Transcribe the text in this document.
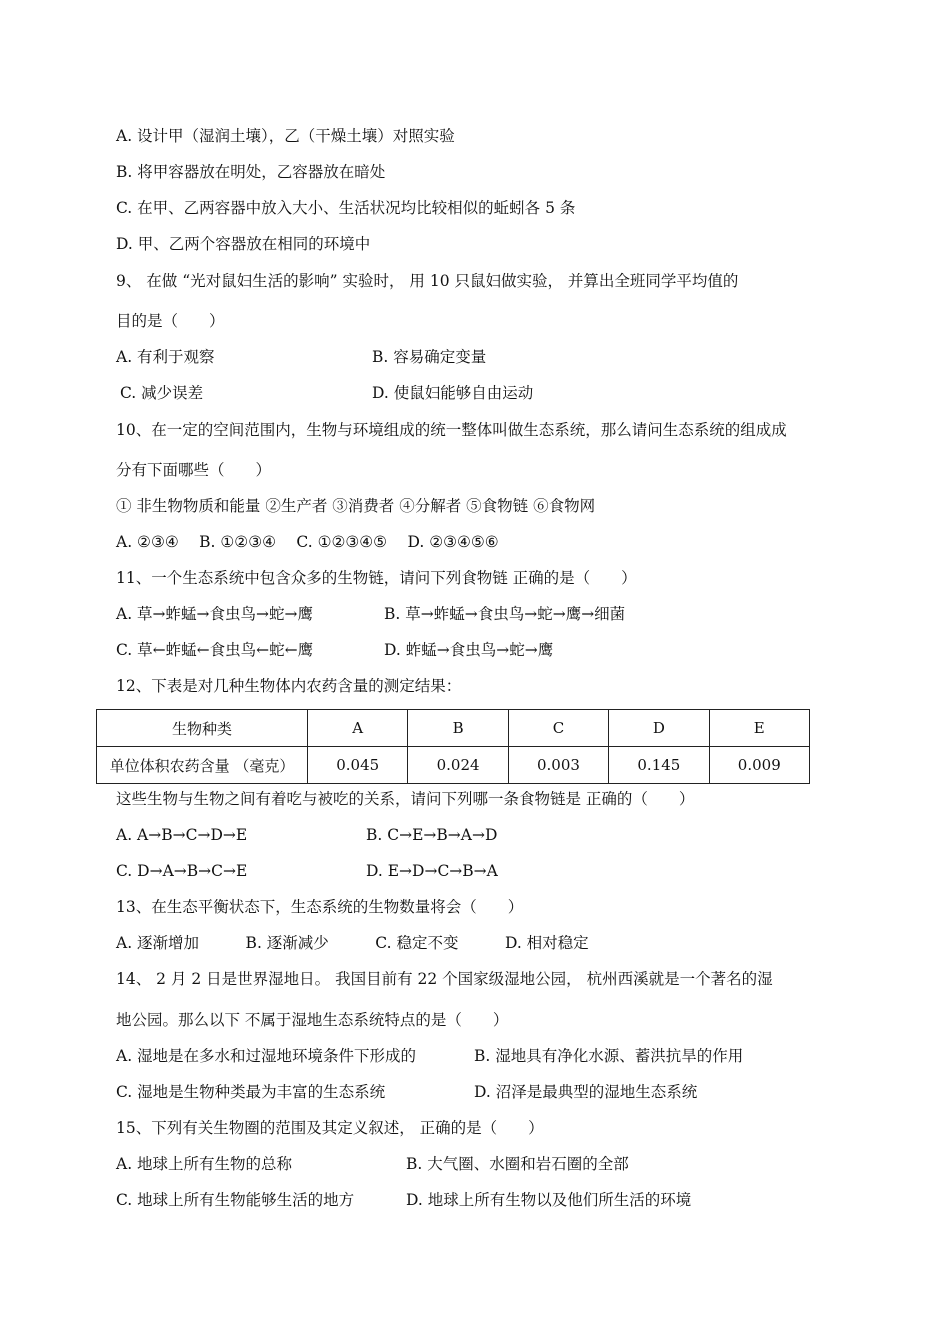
A. 设计甲（湿润土壤），乙（干燥土壤）对照实验
B. 将甲容器放在明处，乙容器放在暗处
C. 在甲、乙两容器中放入大小、生活状况均比较相似的蚯蚓各 5 条
D. 甲、乙两个容器放在相同的环境中
9、 在做 “光对鼠妇生活的影响” 实验时， 用 10 只鼠妇做实验， 并算出全班同学平均值的
目的是（　　）
A. 有利于观察	B. 容易确定变量
C. 减少误差	D. 使鼠妇能够自由运动
10、在一定的空间范围内，生物与环境组成的统一整体叫做生态系统，那么请问生态系统的组成成
分有下面哪些（　　）
① 非生物物质和能量 ②生产者 ③消费者 ④分解者 ⑤食物链 ⑥食物网
A. ②③④　 B. ①②③④　 C. ①②③④⑤　 D. ②③④⑤⑥
11、一个生态系统中包含众多的生物链，请问下列食物链 正确的是（　　）
A. 草→蚱蜢→食虫鸟→蛇→鹰	B. 草→蚱蜢→食虫鸟→蛇→鹰→细菌
C. 草←蚱蜢←食虫鸟←蛇←鹰	D. 蚱蜢→食虫鸟→蛇→鹰
12、下表是对几种生物体内农药含量的测定结果：
生物种类	A	B	C	D	E
单位体积农药含量 （毫克）	0.045	0.024	0.003	0.145	0.009
这些生物与生物之间有着吃与被吃的关系，请问下列哪一条食物链是 正确的（　　）
A. A→B→C→D→E	B. C→E→B→A→D
C. D→A→B→C→E	D. E→D→C→B→A
13、在生态平衡状态下，生态系统的生物数量将会（　　）
A. 逐渐增加　　　B. 逐渐减少　　　C. 稳定不变　　　D. 相对稳定
14、 2 月 2 日是世界湿地日。 我国目前有 22 个国家级湿地公园， 杭州西溪就是一个著名的湿
地公园。那么以下 不属于湿地生态系统特点的是（　　）
A. 湿地是在多水和过湿地环境条件下形成的	B. 湿地具有净化水源、蓄洪抗旱的作用
C. 湿地是生物种类最为丰富的生态系统	D. 沼泽是最典型的湿地生态系统
15、下列有关生物圈的范围及其定义叙述， 正确的是（　　）
A. 地球上所有生物的总称	B. 大气圈、水圈和岩石圈的全部
C. 地球上所有生物能够生活的地方	D. 地球上所有生物以及他们所生活的环境
